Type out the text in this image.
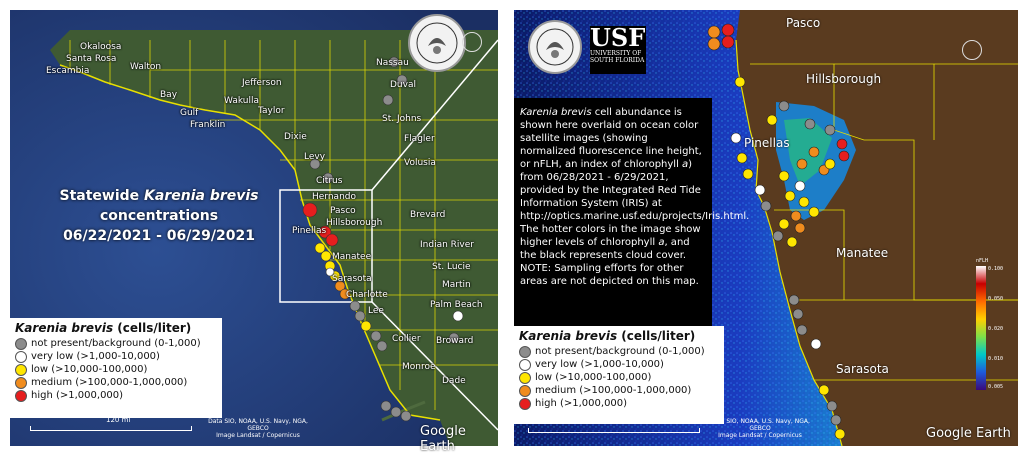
Okaloosa
Santa Rosa
Walton
Escambia
Bay
Gulf
Franklin
Wakulla
Jefferson
Taylor
Dixie
Levy
Citrus
Hernando
Pasco
Hillsborough
Pinellas
Manatee
Sarasota
Charlotte
Lee
Collier
Monroe
Dade
Broward
Palm Beach
Martin
St. Lucie
Indian River
Brevard
Volusia
Flagler
St. Johns
Duval
Nassau
Statewide Karenia brevis
concentrations
06/22/2021 - 06/29/2021
Karenia brevis (cells/liter)
not present/background (0-1,000)
very low (>1,000-10,000)
low (>10,000-100,000)
medium (>100,000-1,000,000)
high (>1,000,000)
120 mi	Data SIO, NOAA, U.S. Navy, NGA, GEBCO
Image Landsat / Copernicus	Google Earth
Pasco
Hillsborough
Pinellas
Manatee
Sarasota
USF
UNIVERSITY OF
SOUTH FLORIDA
Karenia brevis cell abundance is shown here overlaid on ocean color satellite images (showing normalized fluorescence line height, or nFLH, an index of chlorophyll a) from 06/28/2021 - 6/29/2021, provided by the Integrated Red Tide Information System (IRIS) at http://optics.marine.usf.edu/projects/Iris.html. The hotter colors in the image show higher levels of chlorophyll a, and the black represents cloud cover.
NOTE: Sampling efforts for other areas are not depicted on this map.
Karenia brevis (cells/liter)
not present/background (0-1,000)
very low (>1,000-10,000)
low (>10,000-100,000)
medium (>100,000-1,000,000)
high (>1,000,000)
nFLH
0.100
0.050
0.020
0.010
0.005
21.4 mi	Data SIO, NOAA, U.S. Navy, NGA, GEBCO
Image Landsat / Copernicus	Google Earth
